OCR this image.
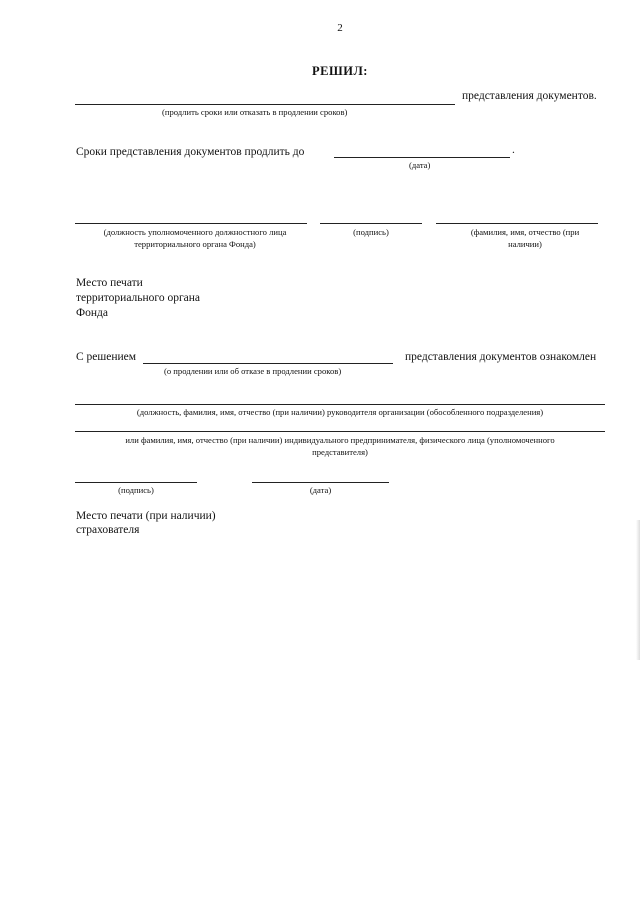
2
РЕШИЛ:
представления документов.
(продлить сроки или отказать в продлении сроков)
Сроки представления документов продлить до	.
(дата)
(должность уполномоченного должностного лица
территориального органа Фонда)
(подпись)	(фамилия, имя, отчество (при
наличии)
Место печати
территориального органа
Фонда
С решением	представления документов ознакомлен
(о продлении или об отказе в продлении сроков)
(должность, фамилия, имя, отчество (при наличии) руководителя организации (обособленного подразделения)
или фамилия, имя, отчество (при наличии) индивидуального предпринимателя, физического лица (уполномоченного
представителя)
(подпись)	(дата)
Место печати (при наличии)
страхователя
